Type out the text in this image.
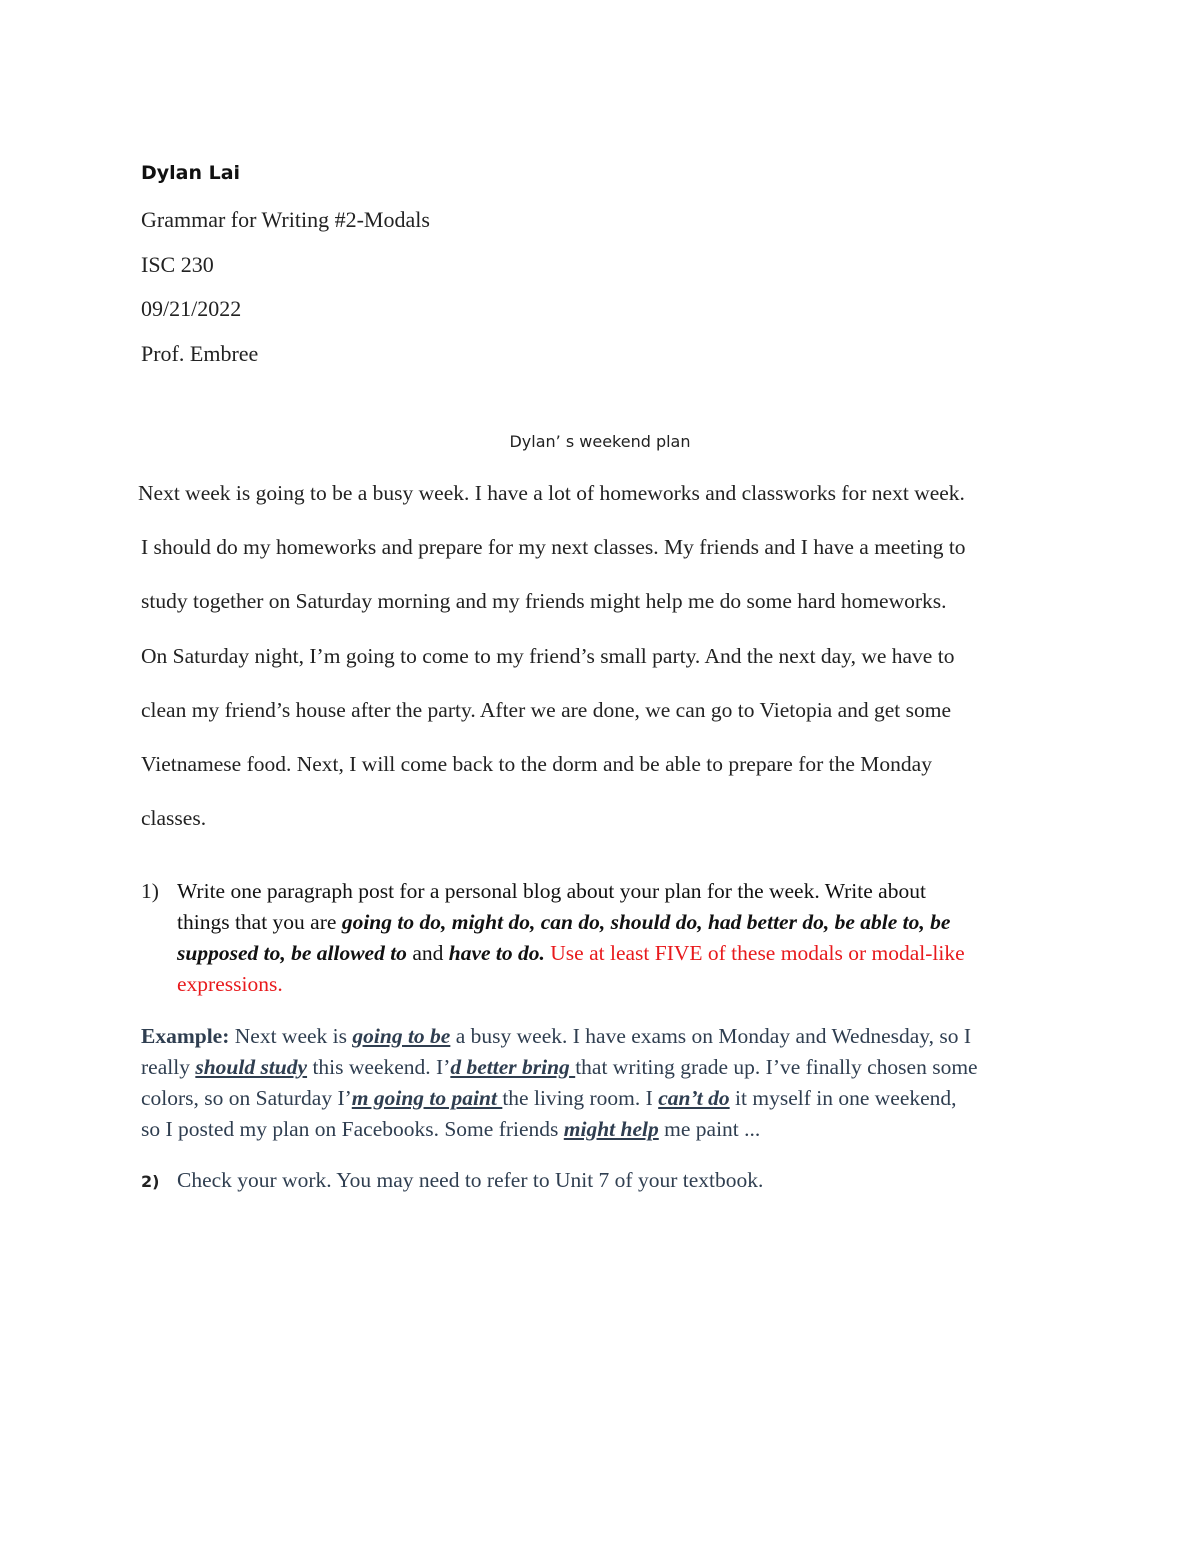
Dylan Lai
Grammar for Writing #2-Modals
ISC 230
09/21/2022
Prof. Embree
Dylan’ s weekend plan
Next week is going to be a busy week. I have a lot of homeworks and classworks for next week.
I should do my homeworks and prepare for my next classes. My friends and I have a meeting to
study together on Saturday morning and my friends might help me do some hard homeworks.
On Saturday night, I’m going to come to my friend’s small party. And the next day, we have to
clean my friend’s house after the party. After we are done, we can go to Vietopia and get some
Vietnamese food. Next, I will come back to the dorm and be able to prepare for the Monday
classes.
1) Write one paragraph post for a personal blog about your plan for the week. Write about
things that you are going to do, might do, can do, should do, had better do, be able to, be
supposed to, be allowed to and have to do. Use at least FIVE of these modals or modal-like
expressions.
Example: Next week is going to be a busy week. I have exams on Monday and Wednesday, so I
really should study this weekend. I’d better bring that writing grade up. I’ve finally chosen some
colors, so on Saturday I’m going to paint the living room. I can’t do it myself in one weekend,
so I posted my plan on Facebooks. Some friends might help me paint ...
2) Check your work. You may need to refer to Unit 7 of your textbook.
